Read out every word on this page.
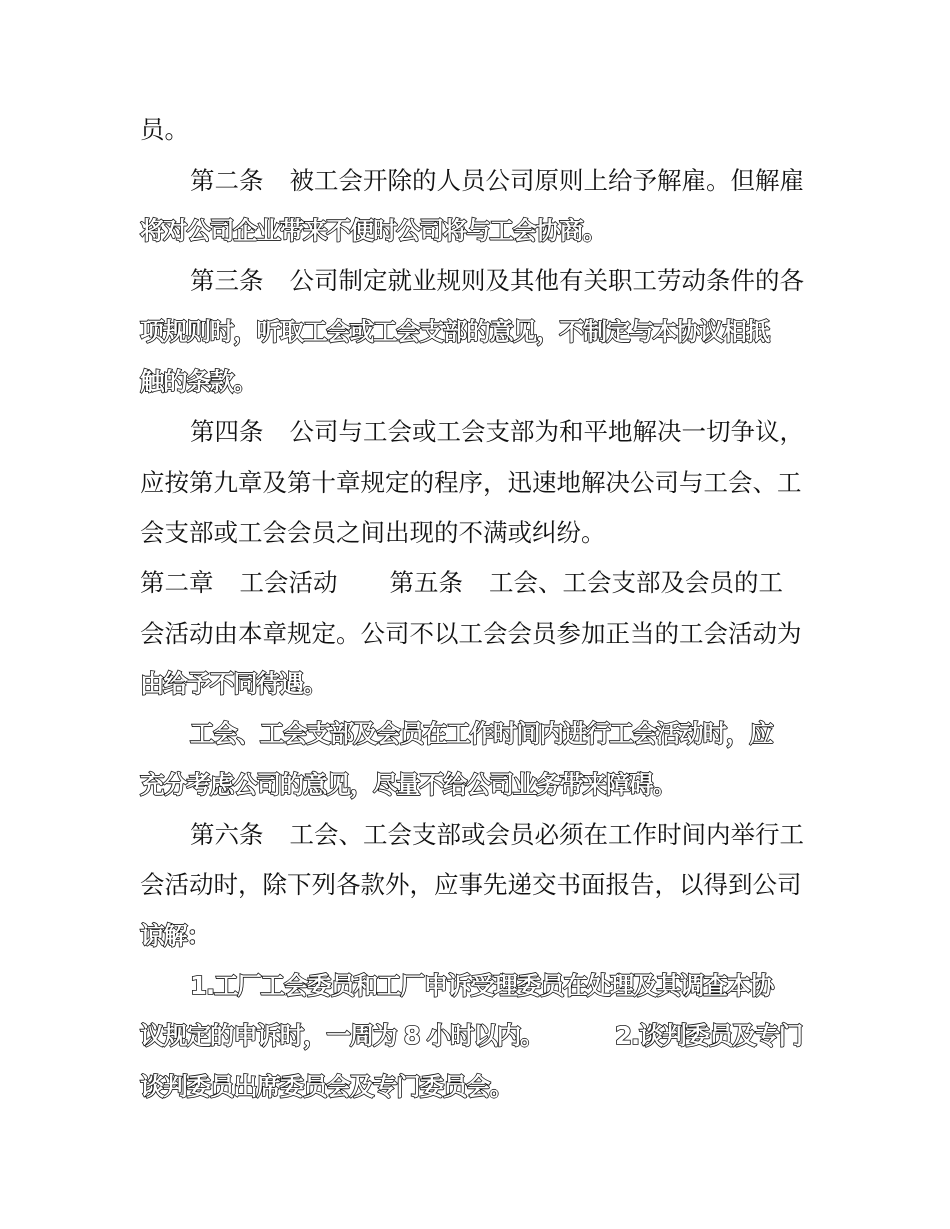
员。
第二条 被工会开除的人员公司原则上给予解雇。但解雇
将对公司企业带来不便时公司将与工会协商。
第三条 公司制定就业规则及其他有关职工劳动条件的各
项规则时，听取工会或工会支部的意见，不制定与本协议相抵
触的条款。
第四条 公司与工会或工会支部为和平地解决一切争议，
应按第九章及第十章规定的程序，迅速地解决公司与工会、工
会支部或工会会员之间出现的不满或纠纷。
第二章 工会活动 第五条 工会、工会支部及会员的工
会活动由本章规定。公司不以工会会员参加正当的工会活动为
由给予不同待遇。
工会、工会支部及会员在工作时间内进行工会活动时，应
充分考虑公司的意见，尽量不给公司业务带来障碍。
第六条 工会、工会支部或会员必须在工作时间内举行工
会活动时，除下列各款外，应事先递交书面报告，以得到公司
谅解：
1.工厂工会委员和工厂申诉受理委员在处理及其调查本协
议规定的申诉时，一周为 8 小时以内。	2.谈判委员及专门
谈判委员出席委员会及专门委员会。
